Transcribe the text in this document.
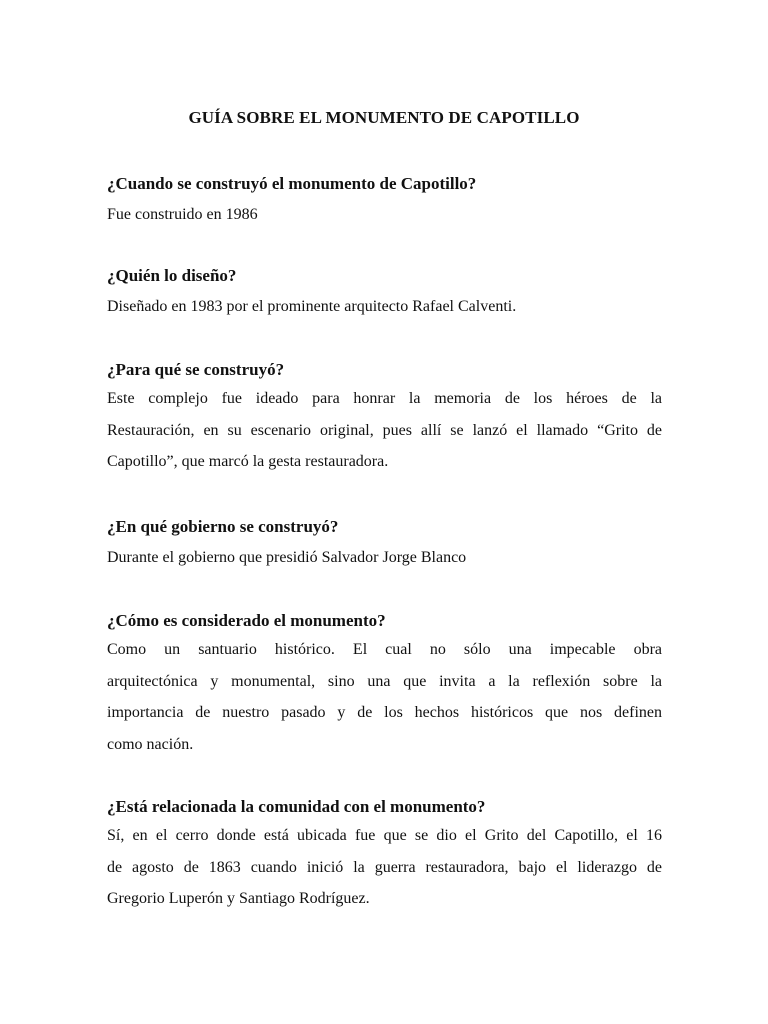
GUÍA SOBRE EL MONUMENTO DE CAPOTILLO

¿Cuando se construyó el monumento de Capotillo?

Fue construido en 1986

¿Quién lo diseño?

Diseñado en 1983 por el prominente arquitecto Rafael Calventi.

¿Para qué se construyó?

Este complejo fue ideado para honrar la memoria de los héroes de la
Restauración, en su escenario original, pues allí se lanzó el llamado “Grito de
Capotillo”, que marcó la gesta restauradora.

¿En qué gobierno se construyó?

Durante el gobierno que presidió Salvador Jorge Blanco

¿Cómo es considerado el monumento?

Como un santuario histórico. El cual no sólo una impecable obra
arquitectónica y monumental, sino una que invita a la reflexión sobre la
importancia de nuestro pasado y de los hechos históricos que nos definen
como nación.

¿Está relacionada la comunidad con el monumento?

Sí, en el cerro donde está ubicada fue que se dio el Grito del Capotillo, el 16
de agosto de 1863 cuando inició la guerra restauradora, bajo el liderazgo de
Gregorio Luperón y Santiago Rodríguez.
